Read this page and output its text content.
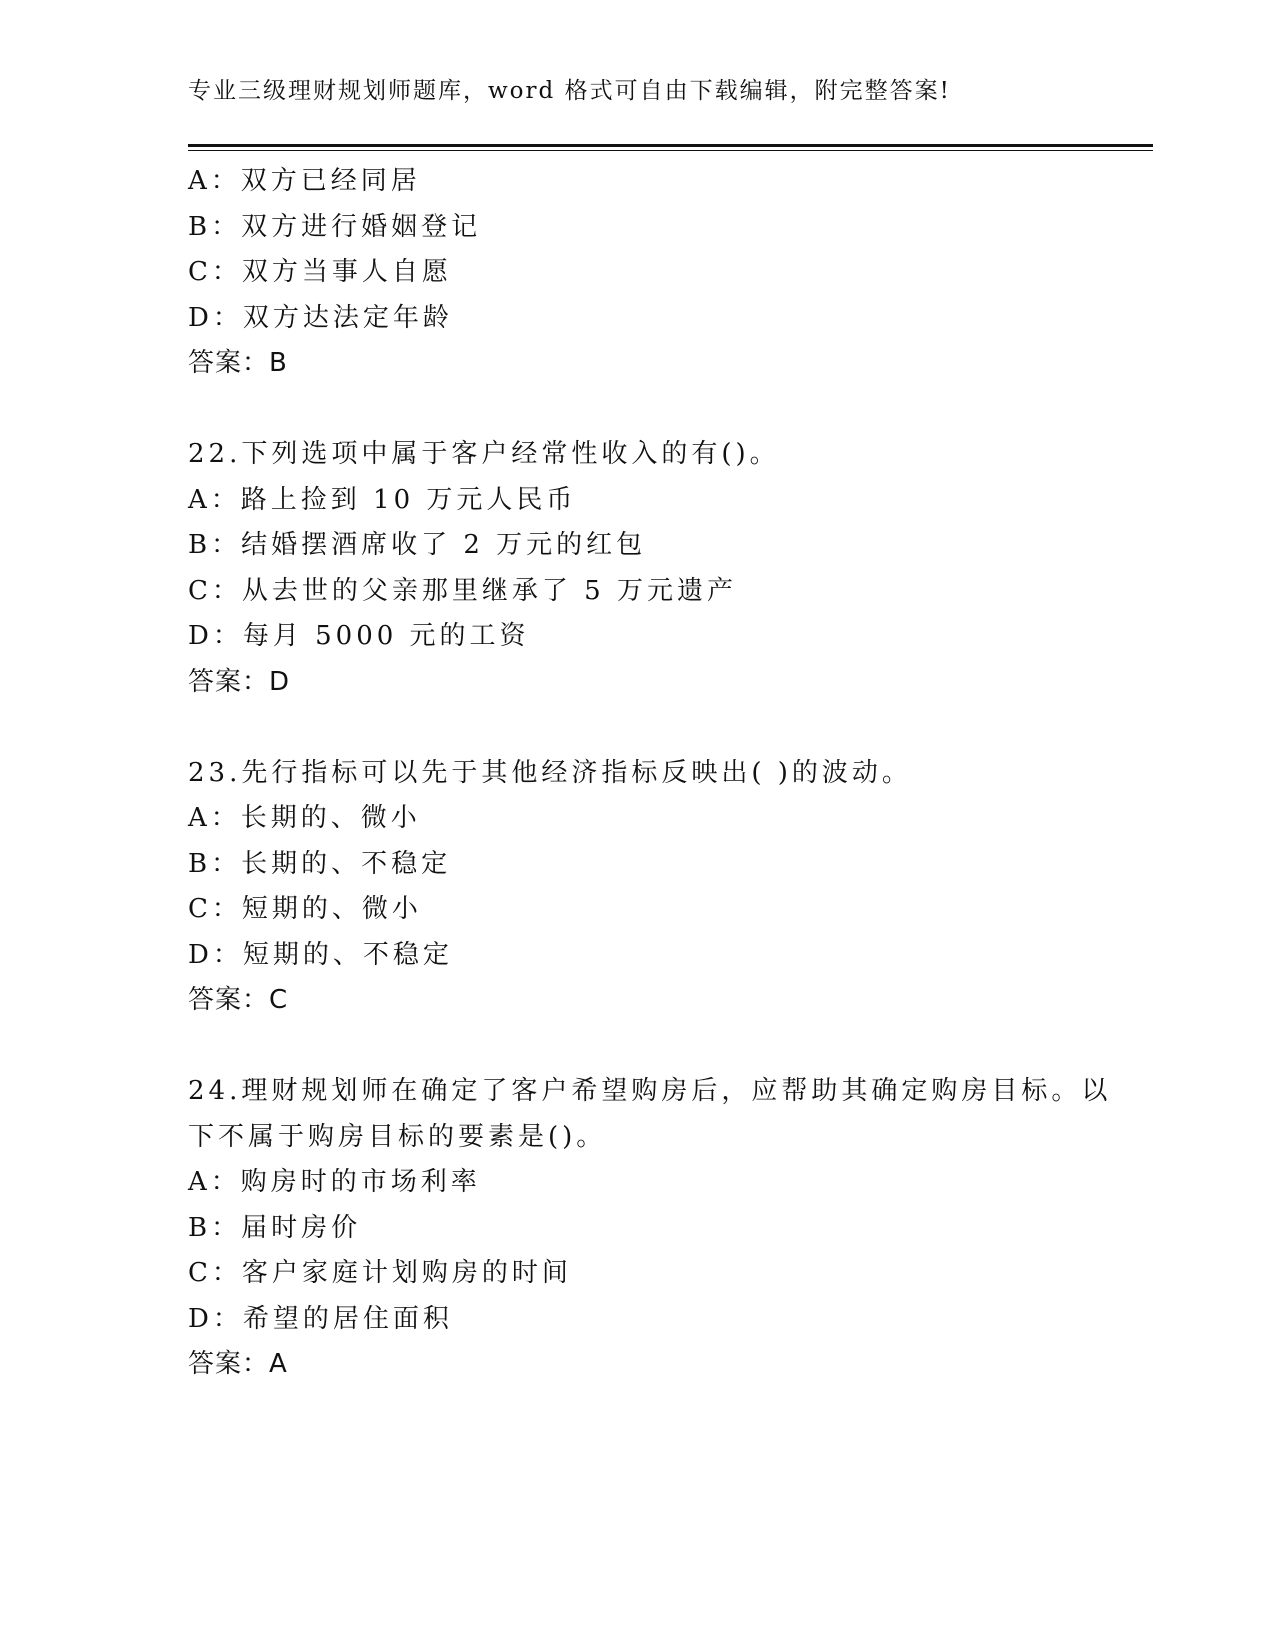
专业三级理财规划师题库，word 格式可自由下载编辑，附完整答案!
A：双方已经同居
B：双方进行婚姻登记
C：双方当事人自愿
D：双方达法定年龄
答案：B
22.下列选项中属于客户经常性收入的有()。
A：路上捡到 10 万元人民币
B：结婚摆酒席收了 2 万元的红包
C：从去世的父亲那里继承了 5 万元遗产
D：每月 5000 元的工资
答案：D
23.先行指标可以先于其他经济指标反映出( )的波动。
A：长期的、微小
B：长期的、不稳定
C：短期的、微小
D：短期的、不稳定
答案：C
24.理财规划师在确定了客户希望购房后，应帮助其确定购房目标。以
下不属于购房目标的要素是()。
A：购房时的市场利率
B：届时房价
C：客户家庭计划购房的时间
D：希望的居住面积
答案：A
